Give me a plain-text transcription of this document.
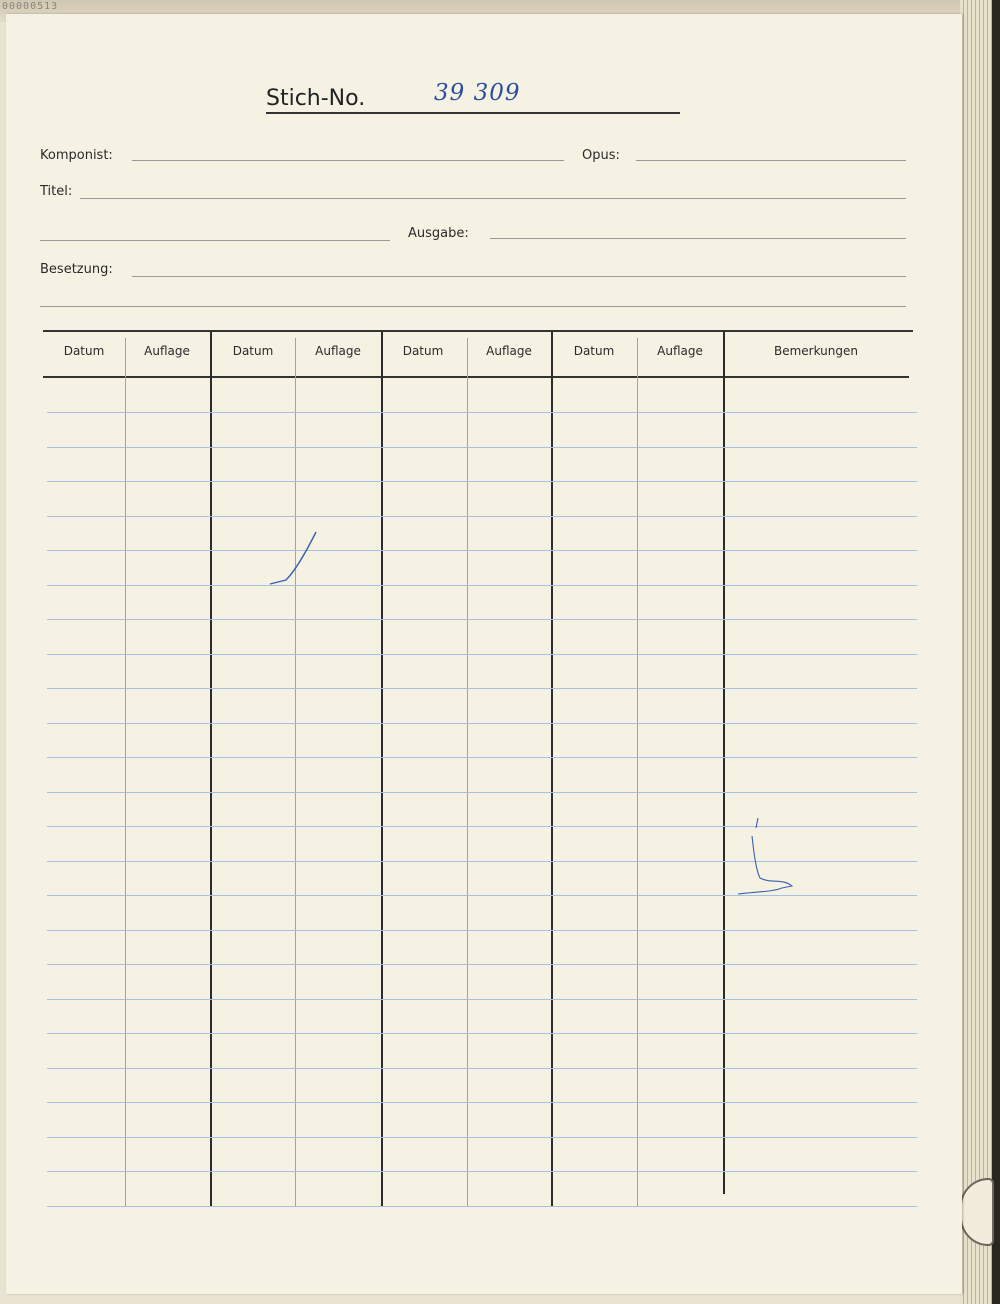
00000513
Stich-No.	39 309
Komponist:	Opus:
Titel:
Ausgabe:
Besetzung:
Datum	Auflage	Datum	Auflage	Datum	Auflage	Datum	Auflage	Bemerkungen
